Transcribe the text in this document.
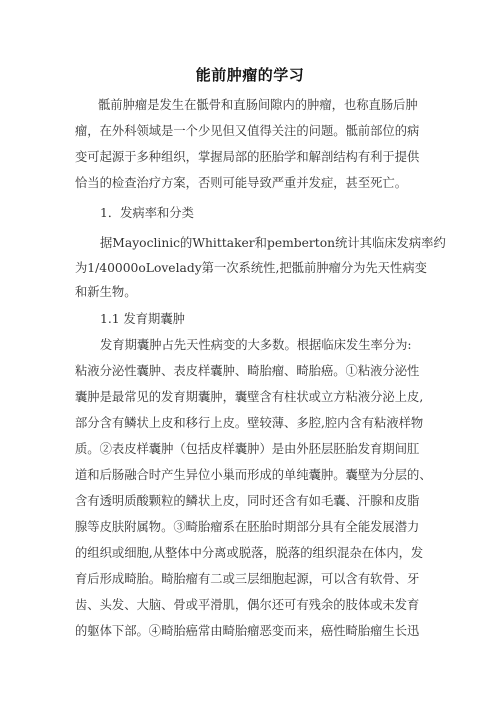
能前肿瘤的学习
骶前肿瘤是发生在骶骨和直肠间隙内的肿瘤，也称直肠后肿
瘤，在外科领域是一个少见但又值得关注的问题。骶前部位的病
变可起源于多种组织，掌握局部的胚胎学和解剖结构有利于提供
恰当的检查治疗方案，否则可能导致严重并发症，甚至死亡。
1．发病率和分类
据Mayoclinic的Whittaker和pemberton统计其临床发病率约
为1/40000oLovelady第一次系统性,把骶前肿瘤分为先天性病变
和新生物。
1.1 发育期囊肿
发育期囊肿占先天性病变的大多数。根据临床发生率分为:
粘液分泌性囊肿、表皮样囊肿、畸胎瘤、畸胎癌。①粘液分泌性
囊肿是最常见的发育期囊肿，囊壁含有柱状或立方粘液分泌上皮,
部分含有鳞状上皮和移行上皮。壁较薄、多腔,腔内含有粘液样物
质。②表皮样囊肿（包括皮样囊肿）是由外胚层胚胎发育期间肛
道和后肠融合时产生异位小巢而形成的单纯囊肿。囊壁为分层的、
含有透明质酸颗粒的鳞状上皮，同时还含有如毛囊、汗腺和皮脂
腺等皮肤附属物。③畸胎瘤系在胚胎时期部分具有全能发展潜力
的组织或细胞,从整体中分离或脱落，脱落的组织混杂在体内，发
育后形成畸胎。畸胎瘤有二或三层细胞起源，可以含有软骨、牙
齿、头发、大脑、骨或平滑肌，偶尔还可有残余的肢体或未发育
的躯体下部。④畸胎癌常由畸胎瘤恶变而来，癌性畸胎瘤生长迅
